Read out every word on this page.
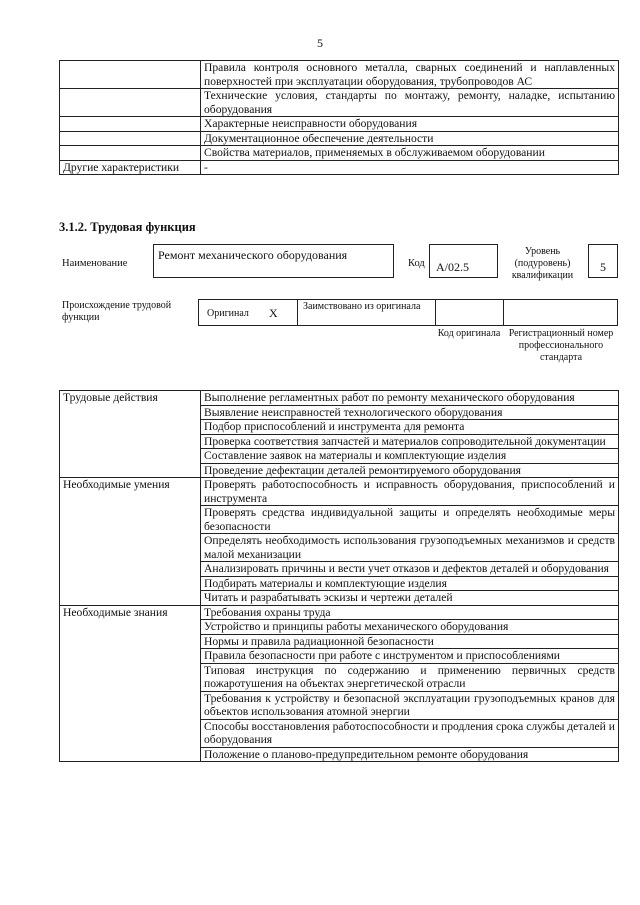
5
	Правила контроля основного металла, сварных соединений и наплавленных поверхностей при эксплуатации оборудования, трубопроводов АС
	Технические условия, стандарты по монтажу, ремонту, наладке, испытанию оборудования
	Характерные неисправности оборудования
	Документационное обеспечение деятельности
	Свойства материалов, применяемых в обслуживаемом оборудовании
Другие характеристики	-
3.1.2. Трудовая функция
Наименование
Ремонт механического оборудования
Код A/02.5
Уровень (подуровень) квалификации
5
Происхождение трудовой функции	Оригинал X	Заимствовано из оригинала
Код оригинала Регистрационный номер профессионального стандарта
Трудовые действия	Выполнение регламентных работ по ремонту механического оборудования
	Выявление неисправностей технологического оборудования
	Подбор приспособлений и инструмента для ремонта
	Проверка соответствия запчастей и материалов сопроводительной документации
	Составление заявок на материалы и комплектующие изделия
	Проведение дефектации деталей ремонтируемого оборудования
Необходимые умения	Проверять работоспособность и исправность оборудования, приспособлений и инструмента
	Проверять средства индивидуальной защиты и определять необходимые меры безопасности
	Определять необходимость использования грузоподъемных механизмов и средств малой механизации
	Анализировать причины и вести учет отказов и дефектов деталей и оборудования
	Подбирать материалы и комплектующие изделия
	Читать и разрабатывать эскизы и чертежи деталей
Необходимые знания	Требования охраны труда
	Устройство и принципы работы механического оборудования
	Нормы и правила радиационной безопасности
	Правила безопасности при работе с инструментом и приспособлениями
	Типовая инструкция по содержанию и применению первичных средств пожаротушения на объектах энергетической отрасли
	Требования к устройству и безопасной эксплуатации грузоподъемных кранов для объектов использования атомной энергии
	Способы восстановления работоспособности и продления срока службы деталей и оборудования
	Положение о планово-предупредительном ремонте оборудования
